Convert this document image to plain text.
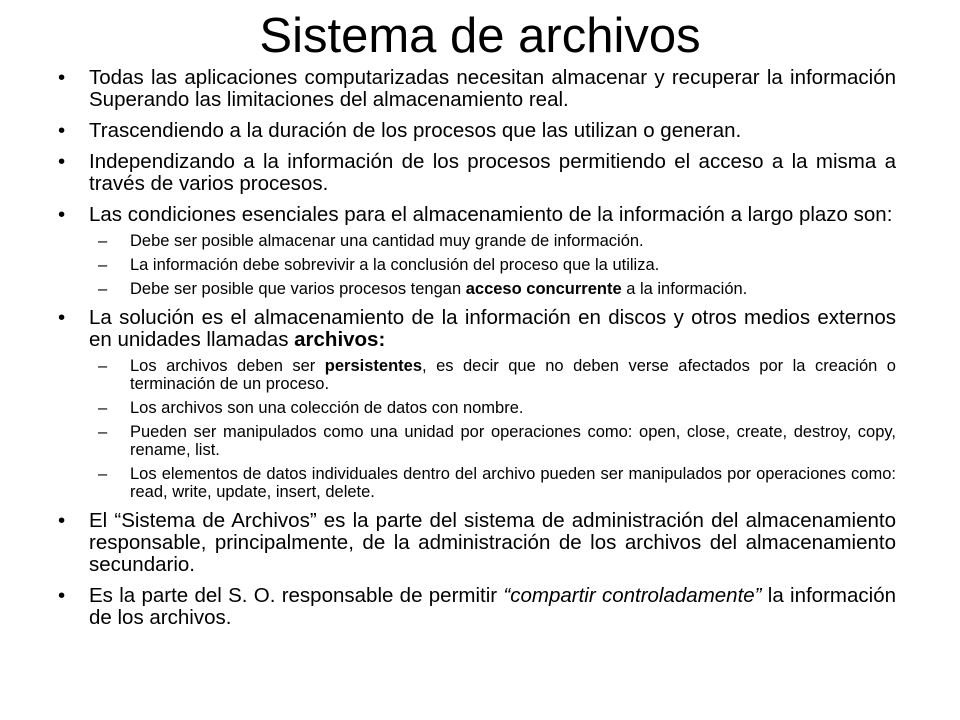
Sistema de archivos
• Todas las aplicaciones computarizadas necesitan almacenar y recuperar la información Superando las limitaciones del almacenamiento real.
• Trascendiendo a la duración de los procesos que las utilizan o generan.
• Independizando a la información de los procesos permitiendo el acceso a la misma a través de varios procesos.
• Las condiciones esenciales para el almacenamiento de la información a largo plazo son:
– Debe ser posible almacenar una cantidad muy grande de información.
– La información debe sobrevivir a la conclusión del proceso que la utiliza.
– Debe ser posible que varios procesos tengan acceso concurrente a la información.
• La solución es el almacenamiento de la información en discos y otros medios externos en unidades llamadas archivos:
– Los archivos deben ser persistentes, es decir que no deben verse afectados por la creación o terminación de un proceso.
– Los archivos son una colección de datos con nombre.
– Pueden ser manipulados como una unidad por operaciones como: open, close, create, destroy, copy, rename, list.
– Los elementos de datos individuales dentro del archivo pueden ser manipulados por operaciones como: read, write, update, insert, delete.
• El “Sistema de Archivos” es la parte del sistema de administración del almacenamiento responsable, principalmente, de la administración de los archivos del almacenamiento secundario.
• Es la parte del S. O. responsable de permitir “compartir controladamente” la información de los archivos.
